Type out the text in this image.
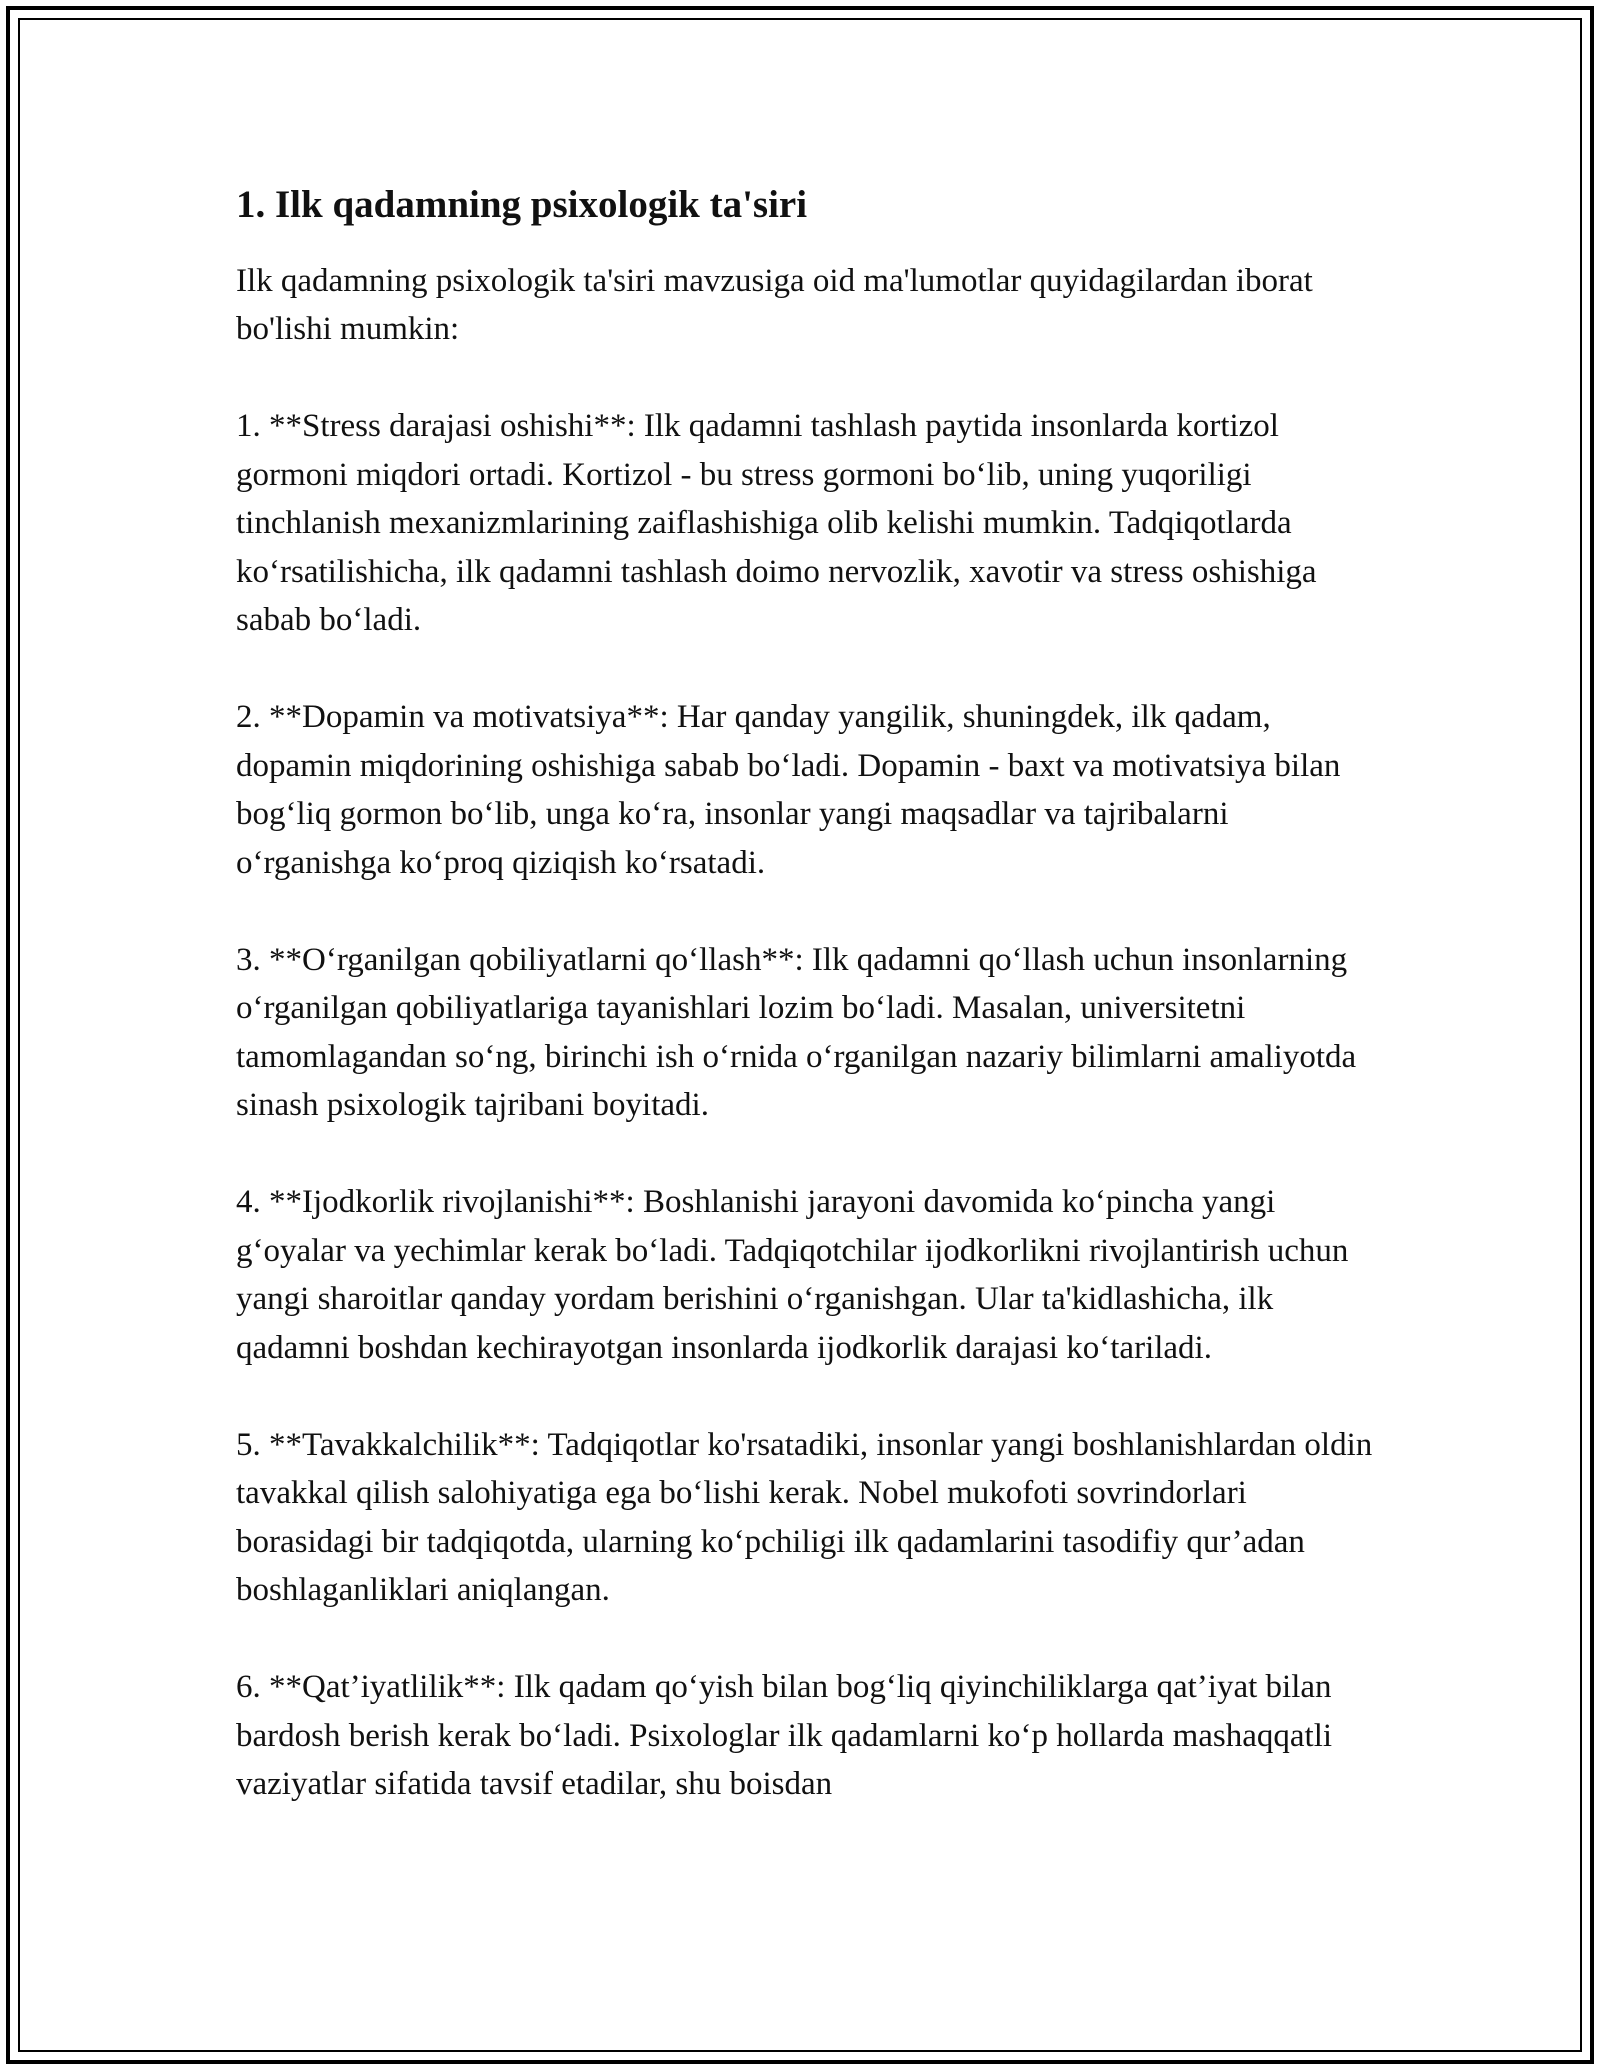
1. Ilk qadamning psixologik ta'siri
Ilk qadamning psixologik ta'siri mavzusiga oid ma'lumotlar quyidagilardan iborat bo'lishi mumkin:
1. **Stress darajasi oshishi**: Ilk qadamni tashlash paytida insonlarda kortizol gormoni miqdori ortadi. Kortizol - bu stress gormoni boʻlib, uning yuqoriligi tinchlanish mexanizmlarining zaiflashishiga olib kelishi mumkin. Tadqiqotlarda koʻrsatilishicha, ilk qadamni tashlash doimo nervozlik, xavotir va stress oshishiga sabab boʻladi.
2. **Dopamin va motivatsiya**: Har qanday yangilik, shuningdek, ilk qadam, dopamin miqdorining oshishiga sabab boʻladi. Dopamin - baxt va motivatsiya bilan bogʻliq gormon boʻlib, unga koʻra, insonlar yangi maqsadlar va tajribalarni oʻrganishga koʻproq qiziqish koʻrsatadi.
3. **Oʻrganilgan qobiliyatlarni qoʻllash**: Ilk qadamni qoʻllash uchun insonlarning oʻrganilgan qobiliyatlariga tayanishlari lozim boʻladi. Masalan, universitetni tamomlagandan soʻng, birinchi ish oʻrnida oʻrganilgan nazariy bilimlarni amaliyotda sinash psixologik tajribani boyitadi.
4. **Ijodkorlik rivojlanishi**: Boshlanishi jarayoni davomida koʻpincha yangi gʻoyalar va yechimlar kerak boʻladi. Tadqiqotchilar ijodkorlikni rivojlantirish uchun yangi sharoitlar qanday yordam berishini oʻrganishgan. Ular ta'kidlashicha, ilk qadamni boshdan kechirayotgan insonlarda ijodkorlik darajasi koʻtariladi.
5. **Tavakkalchilik**: Tadqiqotlar ko'rsatadiki, insonlar yangi boshlanishlardan oldin tavakkal qilish salohiyatiga ega boʻlishi kerak. Nobel mukofoti sovrindorlari borasidagi bir tadqiqotda, ularning koʻpchiligi ilk qadamlarini tasodifiy qur’adan boshlaganliklari aniqlangan.
6. **Qat’iyatlilik**: Ilk qadam qoʻyish bilan bogʻliq qiyinchiliklarga qat’iyat bilan bardosh berish kerak boʻladi. Psixologlar ilk qadamlarni koʻp hollarda mashaqqatli vaziyatlar sifatida tavsif etadilar, shu boisdan
